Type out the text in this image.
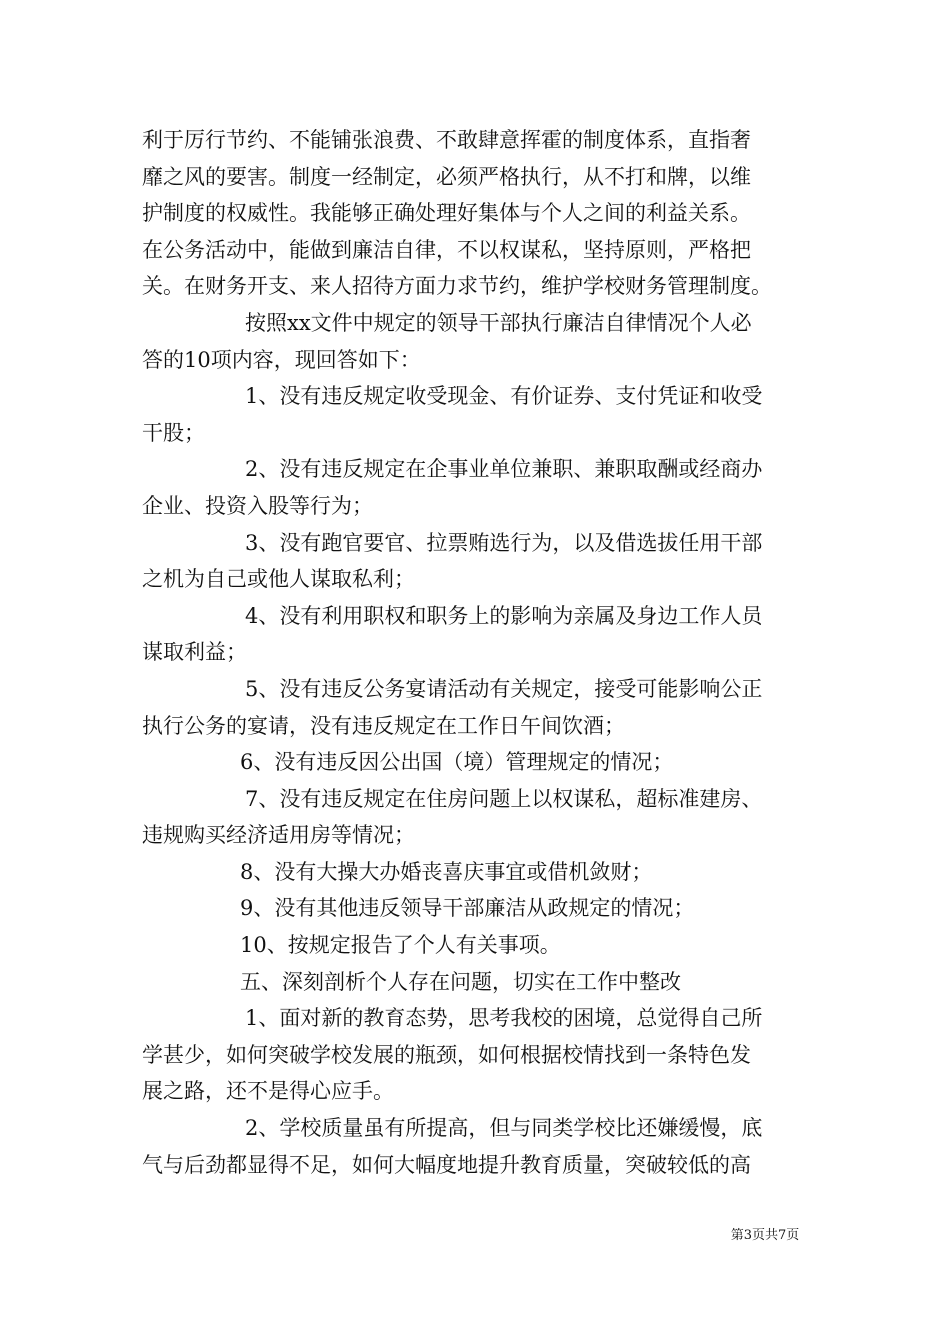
利于厉行节约、不能铺张浪费、不敢肆意挥霍的制度体系，直指奢
靡之风的要害。制度一经制定，必须严格执行，从不打和牌，以维
护制度的权威性。我能够正确处理好集体与个人之间的利益关系。
在公务活动中，能做到廉洁自律，不以权谋私，坚持原则，严格把
关。在财务开支、来人招待方面力求节约，维护学校财务管理制度。
按照xx文件中规定的领导干部执行廉洁自律情况个人必
答的10项内容，现回答如下：
1、没有违反规定收受现金、有价证券、支付凭证和收受
干股；
2、没有违反规定在企事业单位兼职、兼职取酬或经商办
企业、投资入股等行为；
3、没有跑官要官、拉票贿选行为，以及借选拔任用干部
之机为自己或他人谋取私利；
4、没有利用职权和职务上的影响为亲属及身边工作人员
谋取利益；
5、没有违反公务宴请活动有关规定，接受可能影响公正
执行公务的宴请，没有违反规定在工作日午间饮酒；
6、没有违反因公出国（境）管理规定的情况；
7、没有违反规定在住房问题上以权谋私，超标准建房、
违规购买经济适用房等情况；
8、没有大操大办婚丧喜庆事宜或借机敛财；
9、没有其他违反领导干部廉洁从政规定的情况；
10、按规定报告了个人有关事项。
五、深刻剖析个人存在问题，切实在工作中整改
1、面对新的教育态势，思考我校的困境，总觉得自己所
学甚少，如何突破学校发展的瓶颈，如何根据校情找到一条特色发
展之路，还不是得心应手。
2、学校质量虽有所提高，但与同类学校比还嫌缓慢，底
气与后劲都显得不足，如何大幅度地提升教育质量，突破较低的高
第3页共7页
